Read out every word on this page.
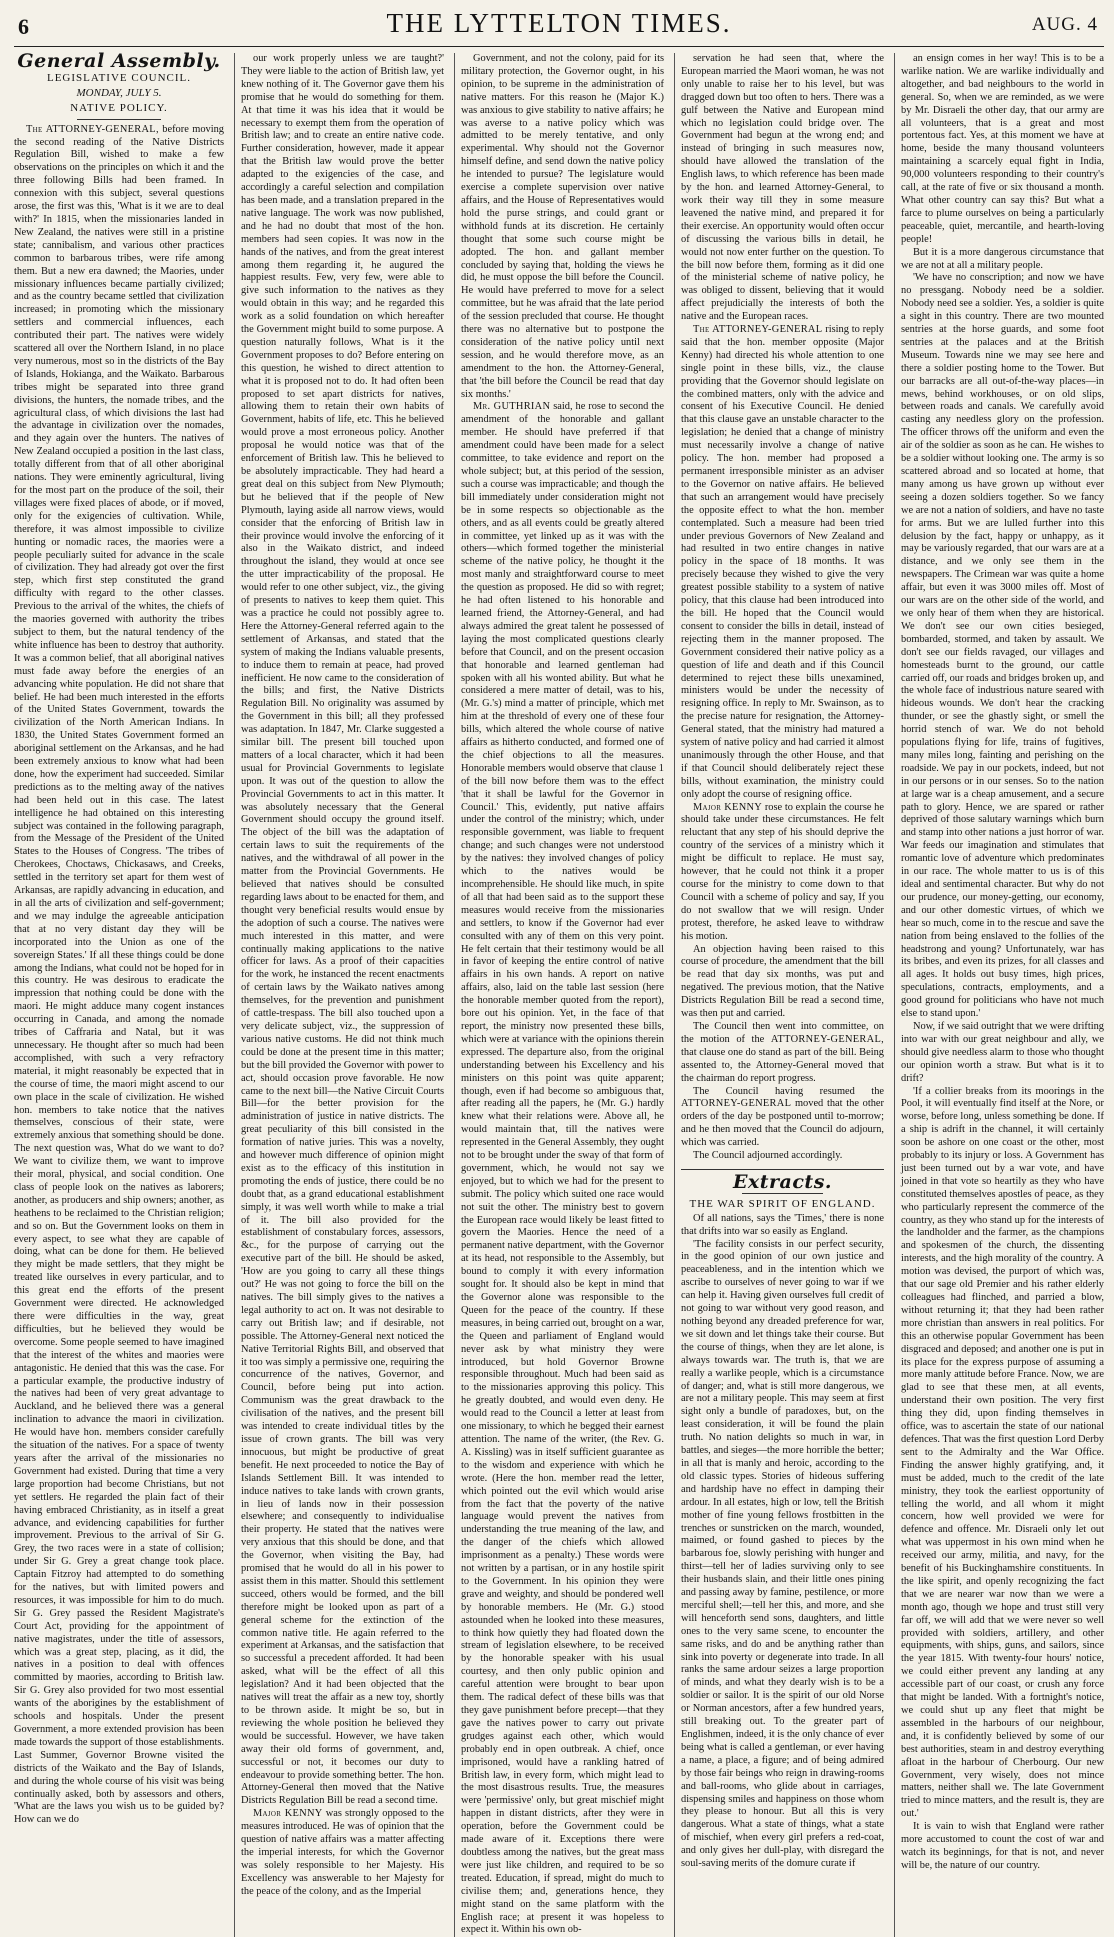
6	THE LYTTELTON TIMES.	AUG. 4
General Assembly.
LEGISLATIVE COUNCIL.
MONDAY, JULY 5.
NATIVE POLICY.

The ATTORNEY-GENERAL, before moving the second reading of the Native Districts Regulation Bill, wished to make a few observations on the principles on which it and the three following Bills had been framed. In connexion with this subject, several questions arose, the first was this, 'What is it we are to deal with?' In 1815, when the missionaries landed in New Zealand, the natives were still in a pristine state; cannibalism, and various other practices common to barbarous tribes, were rife among them. But a new era dawned; the Maories, under missionary influences became partially civilized; and as the country became settled that civilization increased; in promoting which the missionary settlers and commercial influences, each contributed their part. The natives were widely scattered all over the Northern Island, in no place very numerous, most so in the districts of the Bay of Islands, Hokianga, and the Waikato. Barbarous tribes might be separated into three grand divisions, the hunters, the nomade tribes, and the agricultural class, of which divisions the last had the advantage in civilization over the nomades, and they again over the hunters. The natives of New Zealand occupied a position in the last class, totally different from that of all other aboriginal nations. They were eminently agricultural, living for the most part on the produce of the soil, their villages were fixed places of abode, or if moved, only for the exigencies of cultivation. While, therefore, it was almost impossible to civilize hunting or nomadic races, the maories were a people peculiarly suited for advance in the scale of civilization. They had already got over the first step, which first step constituted the grand difficulty with regard to the other classes. Previous to the arrival of the whites, the chiefs of the maories governed with authority the tribes subject to them, but the natural tendency of the white influence has been to destroy that authority. It was a common belief, that all aboriginal natives must fade away before the energies of an advancing white population. He did not share that belief. He had been much interested in the efforts of the United States Government, towards the civilization of the North American Indians. In 1830, the United States Government formed an aboriginal settlement on the Arkansas, and he had been extremely anxious to know what had been done, how the experiment had succeeded. Similar predictions as to the melting away of the natives had been held out in this case. The latest intelligence he had obtained on this interesting subject was contained in the following paragraph, from the Message of the President of the United States to the Houses of Congress. 'The tribes of Cherokees, Choctaws, Chickasaws, and Creeks, settled in the territory set apart for them west of Arkansas, are rapidly advancing in education, and in all the arts of civilization and self-government; and we may indulge the agreeable anticipation that at no very distant day they will be incorporated into the Union as one of the sovereign States.' If all these things could be done among the Indians, what could not be hoped for in this country. He was desirous to eradicate the impression that nothing could be done with the maori. He might adduce many cogent instances occurring in Canada, and among the nomade tribes of Caffraria and Natal, but it was unnecessary. He thought after so much had been accomplished, with such a very refractory material, it might reasonably be expected that in the course of time, the maori might ascend to our own place in the scale of civilization. He wished hon. members to take notice that the natives themselves, conscious of their state, were extremely anxious that something should be done. The next question was, What do we want to do? We want to civilize them, we want to improve their moral, physical, and social condition. One class of people look on the natives as laborers; another, as producers and ship owners; another, as heathens to be reclaimed to the Christian religion; and so on. But the Government looks on them in every aspect, to see what they are capable of doing, what can be done for them. He believed they might be made settlers, that they might be treated like ourselves in every particular, and to this great end the efforts of the present Government were directed. He acknowledged there were difficulties in the way, great difficulties, but he believed they would be overcome. Some people seemed to have imagined that the interest of the whites and maories were antagonistic. He denied that this was the case. For a particular example, the productive industry of the natives had been of very great advantage to Auckland, and he believed there was a general inclination to advance the maori in civilization. He would have hon. members consider carefully the situation of the natives. For a space of twenty years after the arrival of the missionaries no Government had existed. During that time a very large proportion had become Christians, but not yet settlers. He regarded the plain fact of their having embraced Christianity, as in itself a great advance, and evidencing capabilities for further improvement. Previous to the arrival of Sir G. Grey, the two races were in a state of collision; under Sir G. Grey a great change took place. Captain Fitzroy had attempted to do something for the natives, but with limited powers and resources, it was impossible for him to do much. Sir G. Grey passed the Resident Magistrate's Court Act, providing for the appointment of native magistrates, under the title of assessors, which was a great step, placing, as it did, the natives in a position to deal with offences committed by maories, according to British law. Sir G. Grey also provided for two most essential wants of the aborigines by the establishment of schools and hospitals. Under the present Government, a more extended provision has been made towards the support of those establishments. Last Summer, Governor Browne visited the districts of the Waikato and the Bay of Islands, and during the whole course of his visit was being continually asked, both by assessors and others, 'What are the laws you wish us to be guided by? How can we do

our work properly unless we are taught?' They were liable to the action of British law, yet knew nothing of it. The Governor gave them his promise that he would do something for them. At that time it was his idea that it would be necessary to exempt them from the operation of British law; and to create an entire native code. Further consideration, however, made it appear that the British law would prove the better adapted to the exigencies of the case, and accordingly a careful selection and compilation has been made, and a translation prepared in the native language. The work was now published, and he had no doubt that most of the hon. members had seen copies. It was now in the hands of the natives, and from the great interest among them regarding it, he augured the happiest results. Few, very few, were able to give such information to the natives as they would obtain in this way; and he regarded this work as a solid foundation on which hereafter the Government might build to some purpose. A question naturally follows, What is it the Government proposes to do? Before entering on this question, he wished to direct attention to what it is proposed not to do. It had often been proposed to set apart districts for natives, allowing them to retain their own habits of Government, habits of life, etc. This he believed would prove a most erroneous policy. Another proposal he would notice was that of the enforcement of British law. This he believed to be absolutely impracticable. They had heard a great deal on this subject from New Plymouth; but he believed that if the people of New Plymouth, laying aside all narrow views, would consider that the enforcing of British law in their province would involve the enforcing of it also in the Waikato district, and indeed throughout the island, they would at once see the utter impracticability of the proposal. He would refer to one other subject, viz., the giving of presents to natives to keep them quiet. This was a practice he could not possibly agree to. Here the Attorney-General referred again to the settlement of Arkansas, and stated that the system of making the Indians valuable presents, to induce them to remain at peace, had proved inefficient. He now came to the consideration of the bills; and first, the Native Districts Regulation Bill. No originality was assumed by the Government in this bill; all they professed was adaptation. In 1847, Mr. Clarke suggested a similar bill. The present bill touched upon matters of a local character, which it had been usual for Provincial Governments to legislate upon. It was out of the question to allow the Provincial Governments to act in this matter. It was absolutely necessary that the General Government should occupy the ground itself. The object of the bill was the adaptation of certain laws to suit the requirements of the natives, and the withdrawal of all power in the matter from the Provincial Governments. He believed that natives should be consulted regarding laws about to be enacted for them, and thought very beneficial results would ensue by the adoption of such a course. The natives were much interested in this matter, and were continually making applications to the native officer for laws. As a proof of their capacities for the work, he instanced the recent enactments of certain laws by the Waikato natives among themselves, for the prevention and punishment of cattle-trespass. The bill also touched upon a very delicate subject, viz., the suppression of various native customs. He did not think much could be done at the present time in this matter; but the bill provided the Governor with power to act, should occasion prove favorable. He now came to the next bill—the Native Circuit Courts Bill—for the better provision for the administration of justice in native districts. The great peculiarity of this bill consisted in the formation of native juries. This was a novelty, and however much difference of opinion might exist as to the efficacy of this institution in promoting the ends of justice, there could be no doubt that, as a grand educational establishment simply, it was well worth while to make a trial of it. The bill also provided for the establishment of constabulary forces, assessors, &c., for the purpose of carrying out the executive part of the bill. He should be asked, 'How are you going to carry all these things out?' He was not going to force the bill on the natives. The bill simply gives to the natives a legal authority to act on. It was not desirable to carry out British law; and if desirable, not possible. The Attorney-General next noticed the Native Territorial Rights Bill, and observed that it too was simply a permissive one, requiring the concurrence of the natives, Governor, and Council, before being put into action. Communism was the great drawback to the civilisation of the natives, and the present bill was intended to create individual titles by the issue of crown grants. The bill was very innocuous, but might be productive of great benefit. He next proceeded to notice the Bay of Islands Settlement Bill. It was intended to induce natives to take lands with crown grants, in lieu of lands now in their possession elsewhere; and consequently to individualise their property. He stated that the natives were very anxious that this should be done, and that the Governor, when visiting the Bay, had promised that he would do all in his power to assist them in this matter. Should this settlement succeed, others would be formed, and the bill therefore might be looked upon as part of a general scheme for the extinction of the common native title. He again referred to the experiment at Arkansas, and the satisfaction that so successful a precedent afforded. It had been asked, what will be the effect of all this legislation? And it had been objected that the natives will treat the affair as a new toy, shortly to be thrown aside. It might be so, but in reviewing the whole position he believed they would be successful. However, we have taken away their old forms of government, and, successful or not, it becomes our duty to endeavour to provide something better. The hon. Attorney-General then moved that the Native Districts Regulation Bill be read a second time.

Major KENNY was strongly opposed to the measures introduced. He was of opinion that the question of native affairs was a matter affecting the imperial interests, for which the Governor was solely responsible to her Majesty. His Excellency was answerable to her Majesty for the peace of the colony, and as the Imperial

Government, and not the colony, paid for its military protection, the Governor ought, in his opinion, to be supreme in the administration of native matters. For this reason he (Major K.) was anxious to give stability to native affairs; he was averse to a native policy which was admitted to be merely tentative, and only experimental. Why should not the Governor himself define, and send down the native policy he intended to pursue? The legislature would exercise a complete supervision over native affairs, and the House of Representatives would hold the purse strings, and could grant or withhold funds at its discretion. He certainly thought that some such course might be adopted. The hon. and gallant member concluded by saying that, holding the views he did, he must oppose the bill before the Council. He would have preferred to move for a select committee, but he was afraid that the late period of the session precluded that course. He thought there was no alternative but to postpone the consideration of the native policy until next session, and he would therefore move, as an amendment to the hon. the Attorney-General, that 'the bill before the Council be read that day six months.'

Mr. GUTHRIAN said, he rose to second the amendment of the honorable and gallant member. He should have preferred if that amendment could have been made for a select committee, to take evidence and report on the whole subject; but, at this period of the session, such a course was impracticable; and though the bill immediately under consideration might not be in some respects so objectionable as the others, and as all events could be greatly altered in committee, yet linked up as it was with the others—which formed together the ministerial scheme of the native policy, he thought it the most manly and straightforward course to meet the question as proposed. He did so with regret; he had often listened to his honorable and learned friend, the Attorney-General, and had always admired the great talent he possessed of laying the most complicated questions clearly before that Council, and on the present occasion that honorable and learned gentleman had spoken with all his wonted ability. But what he considered a mere matter of detail, was to his, (Mr. G.'s) mind a matter of principle, which met him at the threshold of every one of these four bills, which altered the whole course of native affairs as hitherto conducted, and formed one of the chief objections to all the measures. Honorable members would observe that clause 1 of the bill now before them was to the effect 'that it shall be lawful for the Governor in Council.' This, evidently, put native affairs under the control of the ministry; which, under responsible government, was liable to frequent change; and such changes were not understood by the natives: they involved changes of policy which to the natives would be incomprehensible. He should like much, in spite of all that had been said as to the support these measures would receive from the missionaries and settlers, to know if the Governor had ever consulted with any of them on this very point. He felt certain that their testimony would be all in favor of keeping the entire control of native affairs in his own hands. A report on native affairs, also, laid on the table last session (here the honorable member quoted from the report), bore out his opinion. Yet, in the face of that report, the ministry now presented these bills, which were at variance with the opinions therein expressed. The departure also, from the original understanding between his Excellency and his ministers on this point was quite apparent; though, even if had become so ambiguous that, after reading all the papers, he (Mr. G.) hardly knew what their relations were. Above all, he would maintain that, till the natives were represented in the General Assembly, they ought not to be brought under the sway of that form of government, which, he would not say we enjoyed, but to which we had for the present to submit. The policy which suited one race would not suit the other. The ministry best to govern the European race would likely be least fitted to govern the Maories. Hence the need of a permanent native department, with the Governor at its head, not responsible to the Assembly, but bound to comply it with every information sought for. It should also be kept in mind that the Governor alone was responsible to the Queen for the peace of the country. If these measures, in being carried out, brought on a war, the Queen and parliament of England would never ask by what ministry they were introduced, but hold Governor Browne responsible throughout. Much had been said as to the missionaries approving this policy. This he greatly doubted, and would even deny. He would read to the Council a letter at least from one missionary, to which he begged their earnest attention. The name of the writer, (the Rev. G. A. Kissling) was in itself sufficient guarantee as to the wisdom and experience with which he wrote. (Here the hon. member read the letter, which pointed out the evil which would arise from the fact that the poverty of the native language would prevent the natives from understanding the true meaning of the law, and the danger of the chiefs which allowed imprisonment as a penalty.) These words were not written by a partisan, or in any hostile spirit to the Government. In his opinion they were grave and weighty, and should be pondered well by honorable members. He (Mr. G.) stood astounded when he looked into these measures, to think how quietly they had floated down the stream of legislation elsewhere, to be received by the honorable speaker with his usual courtesy, and then only public opinion and careful attention were brought to bear upon them. The radical defect of these bills was that they gave punishment before precept—that they gave the natives power to carry out private grudges against each other, which would probably end in open outbreak. A chief, once imprisoned, would have a rankling hatred of British law, in every form, which might lead to the most disastrous results. True, the measures were 'permissive' only, but great mischief might happen in distant districts, after they were in operation, before the Government could be made aware of it. Exceptions there were doubtless among the natives, but the great mass were just like children, and required to be so treated. Education, if spread, might do much to civilise them; and, generations hence, they might stand on the same platform with the English race; at present it was hopeless to expect it. Within his own ob-

servation he had seen that, where the European married the Maori woman, he was not only unable to raise her to his level, but was dragged down but too often to hers. There was a gulf between the Native and European mind which no legislation could bridge over. The Government had begun at the wrong end; and instead of bringing in such measures now, should have allowed the translation of the English laws, to which reference has been made by the hon. and learned Attorney-General, to work their way till they in some measure leavened the native mind, and prepared it for their exercise. An opportunity would often occur of discussing the various bills in detail, he would not now enter further on the question. To the bill now before them, forming as it did one of the ministerial scheme of native policy, he was obliged to dissent, believing that it would affect prejudicially the interests of both the native and the European races.

The ATTORNEY-GENERAL rising to reply said that the hon. member opposite (Major Kenny) had directed his whole attention to one single point in these bills, viz., the clause providing that the Governor should legislate on the combined matters, only with the advice and consent of his Executive Council. He denied that this clause gave an unstable character to the legislation; he denied that a change of ministry must necessarily involve a change of native policy. The hon. member had proposed a permanent irresponsible minister as an adviser to the Governor on native affairs. He believed that such an arrangement would have precisely the opposite effect to what the hon. member contemplated. Such a measure had been tried under previous Governors of New Zealand and had resulted in two entire changes in native policy in the space of 18 months. It was precisely because they wished to give the very greatest possible stability to a system of native policy, that this clause had been introduced into the bill. He hoped that the Council would consent to consider the bills in detail, instead of rejecting them in the manner proposed. The Government considered their native policy as a question of life and death and if this Council determined to reject these bills unexamined, ministers would be under the necessity of resigning office. In reply to Mr. Swainson, as to the precise nature for resignation, the Attorney-General stated, that the ministry had matured a system of native policy and had carried it almost unanimously through the other House, and that if that Council should deliberately reject these bills, without examination, the ministry could only adopt the course of resigning office.

Major KENNY rose to explain the course he should take under these circumstances. He felt reluctant that any step of his should deprive the country of the services of a ministry which it might be difficult to replace. He must say, however, that he could not think it a proper course for the ministry to come down to that Council with a scheme of policy and say, If you do not swallow that we will resign. Under protest, therefore, he asked leave to withdraw his motion.

An objection having been raised to this course of procedure, the amendment that the bill be read that day six months, was put and negatived. The previous motion, that the Native Districts Regulation Bill be read a second time, was then put and carried.

The Council then went into committee, on the motion of the ATTORNEY-GENERAL, that clause one do stand as part of the bill. Being assented to, the Attorney-General moved that the chairman do report progress.

The Council having resumed the ATTORNEY-GENERAL moved that the other orders of the day be postponed until to-morrow; and he then moved that the Council do adjourn, which was carried.

The Council adjourned accordingly.

Extracts.
THE WAR SPIRIT OF ENGLAND.

Of all nations, says the 'Times,' there is none that drifts into war so easily as England.

'The facility consists in our perfect security, in the good opinion of our own justice and peaceableness, and in the intention which we ascribe to ourselves of never going to war if we can help it. Having given ourselves full credit of not going to war without very good reason, and nothing beyond any dreaded preference for war, we sit down and let things take their course. But the course of things, when they are let alone, is always towards war. The truth is, that we are really a warlike people, which is a circumstance of danger; and, what is still more dangerous, we are not a military people. This may seem at first sight only a bundle of paradoxes, but, on the least consideration, it will be found the plain truth. No nation delights so much in war, in battles, and sieges—the more horrible the better; in all that is manly and heroic, according to the old classic types. Stories of hideous suffering and hardship have no effect in damping their ardour. In all estates, high or low, tell the British mother of fine young fellows frostbitten in the trenches or sunstricken on the march, wounded, maimed, or found gashed to pieces by the barbarous foe, slowly perishing with hunger and thirst—tell her of ladies surviving only to see their husbands slain, and their little ones pining and passing away by famine, pestilence, or more merciful shell;—tell her this, and more, and she will henceforth send sons, daughters, and little ones to the very same scene, to encounter the same risks, and do and be anything rather than sink into poverty or degenerate into trade. In all ranks the same ardour seizes a large proportion of minds, and what they dearly wish is to be a soldier or sailor. It is the spirit of our old Norse or Norman ancestors, after a few hundred years, still breaking out. To the greater part of Englishmen, indeed, it is the only chance of ever being what is called a gentleman, or ever having a name, a place, a figure; and of being admired by those fair beings who reign in drawing-rooms and ball-rooms, who glide about in carriages, dispensing smiles and happiness on those whom they please to honour. But all this is very dangerous. What a state of things, what a state of mischief, when every girl prefers a red-coat, and only gives her dull-play, with disregard the soul-saving merits of the domure curate if

an ensign comes in her way! This is to be a warlike nation. We are warlike individually and altogether, and bad neighbours to the world in general. So, when we are reminded, as we were by Mr. Disraeli the other day, that our army are all volunteers, that is a great and most portentous fact. Yes, at this moment we have at home, beside the many thousand volunteers maintaining a scarcely equal fight in India, 90,000 volunteers responding to their country's call, at the rate of five or six thousand a month. What other country can say this? But what a farce to plume ourselves on being a particularly peaceable, quiet, mercantile, and hearth-loving people!

But it is a more dangerous circumstance that we are not at all a military people.

'We have no conscription; and now we have no pressgang. Nobody need be a soldier. Nobody need see a soldier. Yes, a soldier is quite a sight in this country. There are two mounted sentries at the horse guards, and some foot sentries at the palaces and at the British Museum. Towards nine we may see here and there a soldier posting home to the Tower. But our barracks are all out-of-the-way places—in mews, behind workhouses, or on old slips, between roads and canals. We carefully avoid casting any needless glory on the profession. The officer throws off the uniform and even the air of the soldier as soon as he can. He wishes to be a soldier without looking one. The army is so scattered abroad and so located at home, that many among us have grown up without ever seeing a dozen soldiers together. So we fancy we are not a nation of soldiers, and have no taste for arms. But we are lulled further into this delusion by the fact, happy or unhappy, as it may be variously regarded, that our wars are at a distance, and we only see them in the newspapers. The Crimean war was quite a home affair, but even it was 3000 miles off. Most of our wars are on the other side of the world, and we only hear of them when they are historical. We don't see our own cities besieged, bombarded, stormed, and taken by assault. We don't see our fields ravaged, our villages and homesteads burnt to the ground, our cattle carried off, our roads and bridges broken up, and the whole face of industrious nature seared with hideous wounds. We don't hear the cracking thunder, or see the ghastly sight, or smell the horrid stench of war. We do not behold populations flying for life, trains of fugitives, many miles long, fainting and perishing on the roadside. We pay in our pockets, indeed, but not in our persons or in our senses. So to the nation at large war is a cheap amusement, and a secure path to glory. Hence, we are spared or rather deprived of those salutary warnings which burn and stamp into other nations a just horror of war. War feeds our imagination and stimulates that romantic love of adventure which predominates in our race. The whole matter to us is of this ideal and sentimental character. But why do not our prudence, our money-getting, our economy, and our other domestic virtues, of which we hear so much, come in to the rescue and save the nation from being enslaved to the follies of the headstrong and young? Unfortunately, war has its bribes, and even its prizes, for all classes and all ages. It holds out busy times, high prices, speculations, contracts, employments, and a good ground for politicians who have not much else to stand upon.'

Now, if we said outright that we were drifting into war with our great neighbour and ally, we should give needless alarm to those who thought our opinion worth a straw. But what is it to drift?

'If a collier breaks from its moorings in the Pool, it will eventually find itself at the Nore, or worse, before long, unless something be done. If a ship is adrift in the channel, it will certainly soon be ashore on one coast or the other, most probably to its injury or loss. A Government has just been turned out by a war vote, and have joined in that vote so heartily as they who have constituted themselves apostles of peace, as they who particularly represent the commerce of the country, as they who stand up for the interests of the landholder and the farmer, as the champions and spokesmen of the church, the dissenting interests, and the high morality of the country. A motion was devised, the purport of which was, that our sage old Premier and his rather elderly colleagues had flinched, and parried a blow, without returning it; that they had been rather more christian than answers in real politics. For this an otherwise popular Government has been disgraced and deposed; and another one is put in its place for the express purpose of assuming a more manly attitude before France. Now, we are glad to see that these men, at all events, understand their own position. The very first thing they did, upon finding themselves in office, was to ascertain the state of our national defences. That was the first question Lord Derby sent to the Admiralty and the War Office. Finding the answer highly gratifying, and, it must be added, much to the credit of the late ministry, they took the earliest opportunity of telling the world, and all whom it might concern, how well provided we were for defence and offence. Mr. Disraeli only let out what was uppermost in his own mind when he received our army, militia, and navy, for the benefit of his Buckinghamshire constituents. In the like spirit, and openly recognizing the fact that we are nearer war now than we were a month ago, though we hope and trust still very far off, we will add that we were never so well provided with soldiers, artillery, and other equipments, with ships, guns, and sailors, since the year 1815. With twenty-four hours' notice, we could either prevent any landing at any accessible part of our coast, or crush any force that might be landed. With a fortnight's notice, we could shut up any fleet that might be assembled in the harbours of our neighbour, and, it is confidently believed by some of our best authorities, steam in and destroy everything afloat in the harbour of Cherbourg. Our new Government, very wisely, does not mince matters, neither shall we. The late Government tried to mince matters, and the result is, they are out.'

It is vain to wish that England were rather more accustomed to count the cost of war and watch its beginnings, for that is not, and never will be, the nature of our country.
